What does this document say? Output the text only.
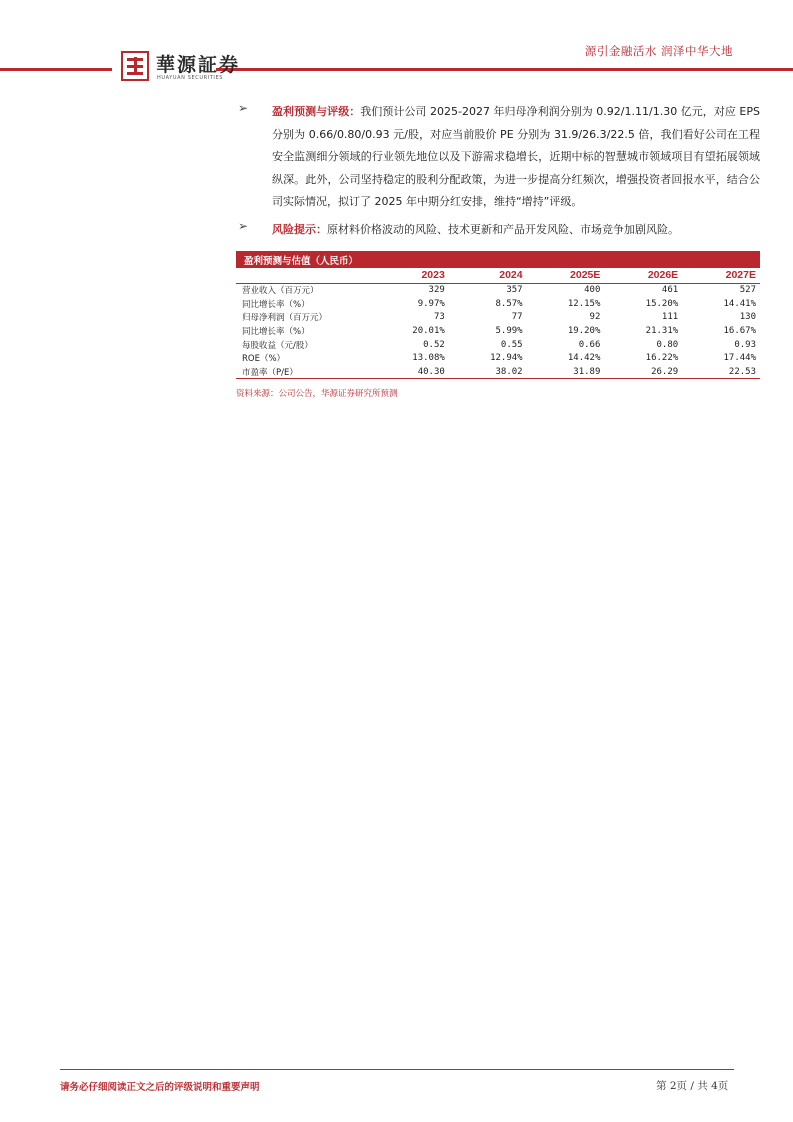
華源証券
HUAYUAN SECURITIES
源引金融活水 润泽中华大地
➢	盈利预测与评级：我们预计公司 2025-2027 年归母净利润分别为 0.92/1.11/1.30 亿元，对应 EPS 分别为 0.66/0.80/0.93 元/股，对应当前股价 PE 分别为 31.9/26.3/22.5 倍，我们看好公司在工程安全监测细分领域的行业领先地位以及下游需求稳增长，近期中标的智慧城市领域项目有望拓展领域纵深。此外，公司坚持稳定的股利分配政策，为进一步提高分红频次，增强投资者回报水平，结合公司实际情况，拟订了 2025 年中期分红安排，维持“增持”评级。

➢	风险提示：原材料价格波动的风险、技术更新和产品开发风险、市场竞争加剧风险。

盈利预测与估值（人民币）
	2023	2024	2025E	2026E	2027E
营业收入（百万元）	329	357	400	461	527
同比增长率（%）	9.97%	8.57%	12.15%	15.20%	14.41%
归母净利润（百万元）	73	77	92	111	130
同比增长率（%）	20.01%	5.99%	19.20%	21.31%	16.67%
每股收益（元/股）	0.52	0.55	0.66	0.80	0.93
ROE（%）	13.08%	12.94%	14.42%	16.22%	17.44%
市盈率（P/E）	40.30	38.02	31.89	26.29	22.53
资料来源：公司公告，华源证券研究所预测
请务必仔细阅读正文之后的评级说明和重要声明	第 2页 / 共 4页
